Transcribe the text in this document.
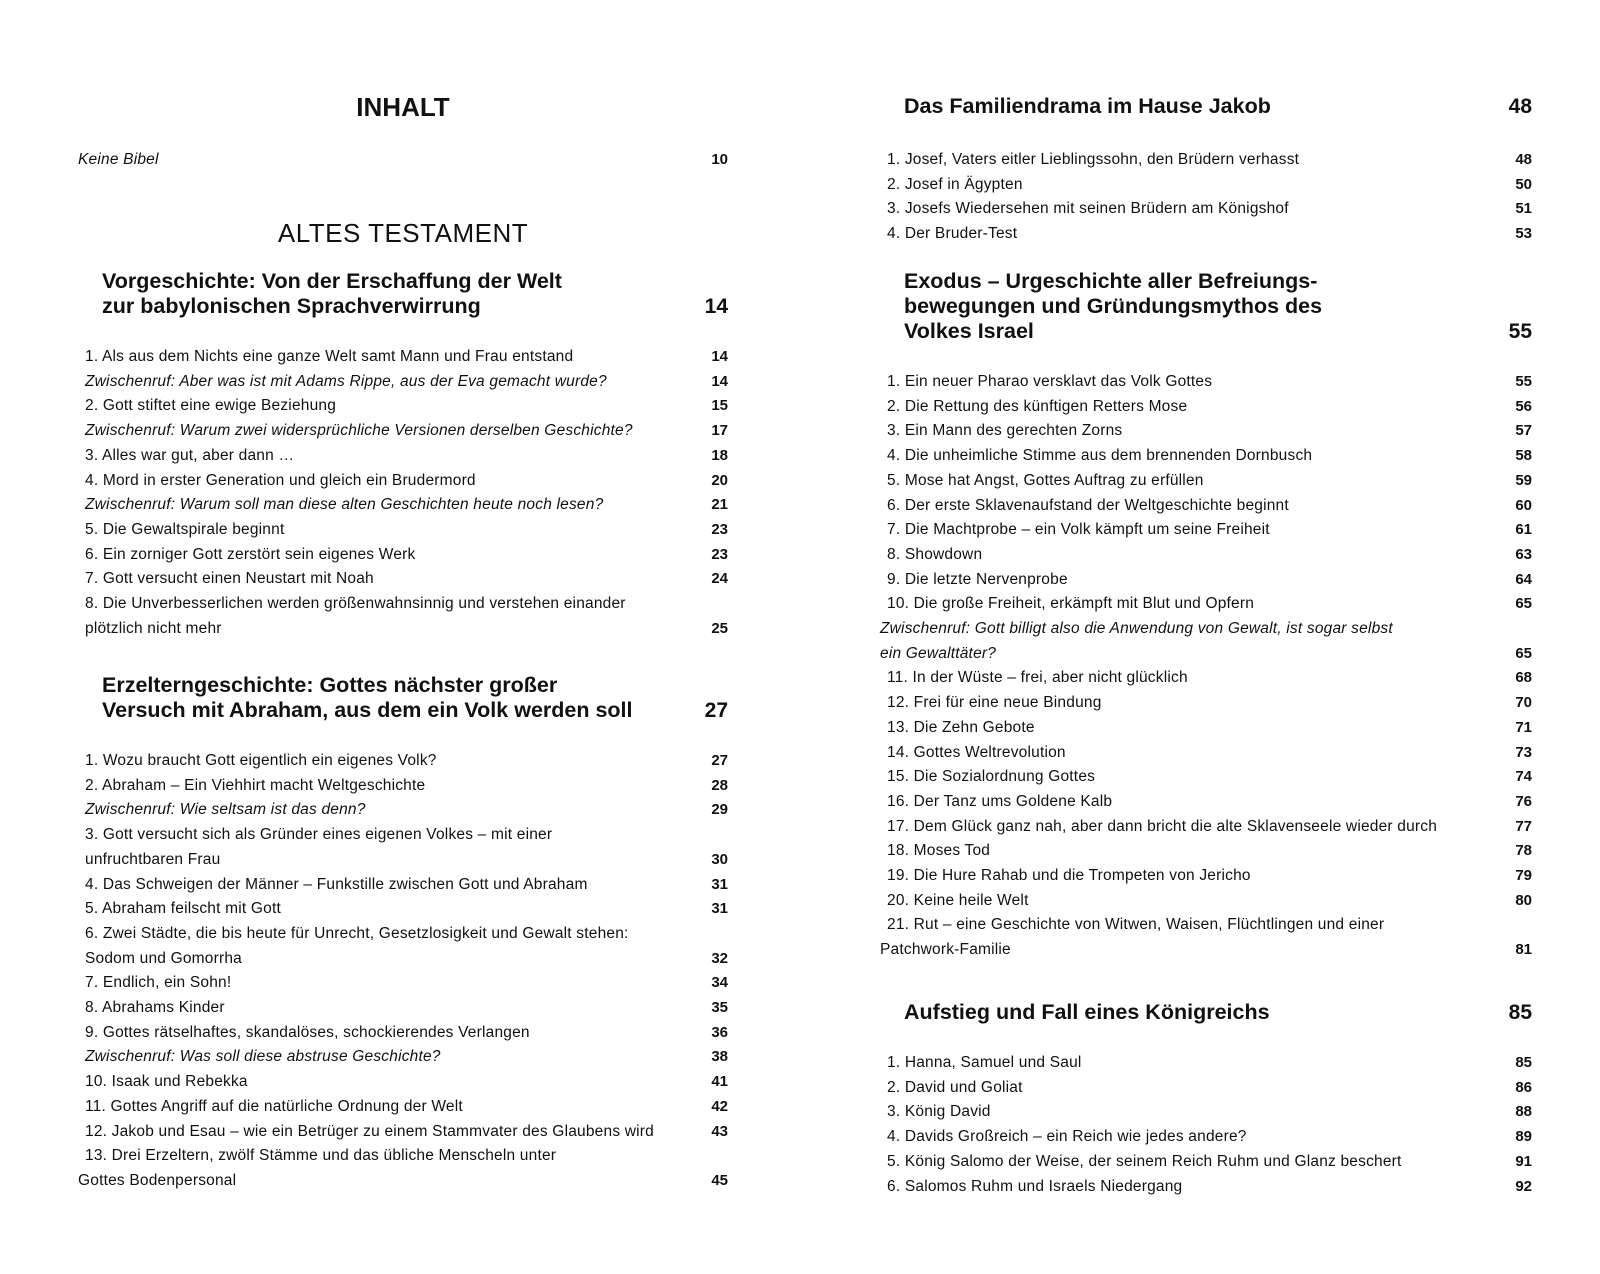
INHALT
Keine Bibel	10
ALTES TESTAMENT
Vorgeschichte: Von der Erschaffung der Welt
zur babylonischen Sprachverwirrung	14
1. Als aus dem Nichts eine ganze Welt samt Mann und Frau entstand	14
Zwischenruf: Aber was ist mit Adams Rippe, aus der Eva gemacht wurde?	14
2. Gott stiftet eine ewige Beziehung	15
Zwischenruf: Warum zwei widersprüchliche Versionen derselben Geschichte?	17
3. Alles war gut, aber dann …	18
4. Mord in erster Generation und gleich ein Brudermord	20
Zwischenruf: Warum soll man diese alten Geschichten heute noch lesen?	21
5. Die Gewaltspirale beginnt	23
6. Ein zorniger Gott zerstört sein eigenes Werk	23
7. Gott versucht einen Neustart mit Noah	24
8. Die Unverbesserlichen werden größenwahnsinnig und verstehen einander
plötzlich nicht mehr	25
Erzelterngeschichte: Gottes nächster großer
Versuch mit Abraham, aus dem ein Volk werden soll	27
1. Wozu braucht Gott eigentlich ein eigenes Volk?	27
2. Abraham – Ein Viehhirt macht Weltgeschichte	28
Zwischenruf: Wie seltsam ist das denn?	29
3. Gott versucht sich als Gründer eines eigenen Volkes – mit einer
unfruchtbaren Frau	30
4. Das Schweigen der Männer – Funkstille zwischen Gott und Abraham	31
5. Abraham feilscht mit Gott	31
6. Zwei Städte, die bis heute für Unrecht, Gesetzlosigkeit und Gewalt stehen:
Sodom und Gomorrha	32
7. Endlich, ein Sohn!	34
8. Abrahams Kinder	35
9. Gottes rätselhaftes, skandalöses, schockierendes Verlangen	36
Zwischenruf: Was soll diese abstruse Geschichte?	38
10. Isaak und Rebekka	41
11. Gottes Angriff auf die natürliche Ordnung der Welt	42
12. Jakob und Esau – wie ein Betrüger zu einem Stammvater des Glaubens wird	43
13. Drei Erzeltern, zwölf Stämme und das übliche Menscheln unter
Gottes Bodenpersonal	45
Das Familiendrama im Hause Jakob	48
1. Josef, Vaters eitler Lieblingssohn, den Brüdern verhasst	48
2. Josef in Ägypten	50
3. Josefs Wiedersehen mit seinen Brüdern am Königshof	51
4. Der Bruder-Test	53
Exodus – Urgeschichte aller Befreiungs-
bewegungen und Gründungsmythos des
Volkes Israel	55
1. Ein neuer Pharao versklavt das Volk Gottes	55
2. Die Rettung des künftigen Retters Mose	56
3. Ein Mann des gerechten Zorns	57
4. Die unheimliche Stimme aus dem brennenden Dornbusch	58
5. Mose hat Angst, Gottes Auftrag zu erfüllen	59
6. Der erste Sklavenaufstand der Weltgeschichte beginnt	60
7. Die Machtprobe – ein Volk kämpft um seine Freiheit	61
8. Showdown	63
9. Die letzte Nervenprobe	64
10. Die große Freiheit, erkämpft mit Blut und Opfern	65
Zwischenruf: Gott billigt also die Anwendung von Gewalt, ist sogar selbst
ein Gewalttäter?	65
11. In der Wüste – frei, aber nicht glücklich	68
12. Frei für eine neue Bindung	70
13. Die Zehn Gebote	71
14. Gottes Weltrevolution	73
15. Die Sozialordnung Gottes	74
16. Der Tanz ums Goldene Kalb	76
17. Dem Glück ganz nah, aber dann bricht die alte Sklavenseele wieder durch	77
18. Moses Tod	78
19. Die Hure Rahab und die Trompeten von Jericho	79
20. Keine heile Welt	80
21. Rut – eine Geschichte von Witwen, Waisen, Flüchtlingen und einer
Patchwork-Familie	81
Aufstieg und Fall eines Königreichs	85
1. Hanna, Samuel und Saul	85
2. David und Goliat	86
3. König David	88
4. Davids Großreich – ein Reich wie jedes andere?	89
5. König Salomo der Weise, der seinem Reich Ruhm und Glanz beschert	91
6. Salomos Ruhm und Israels Niedergang	92
